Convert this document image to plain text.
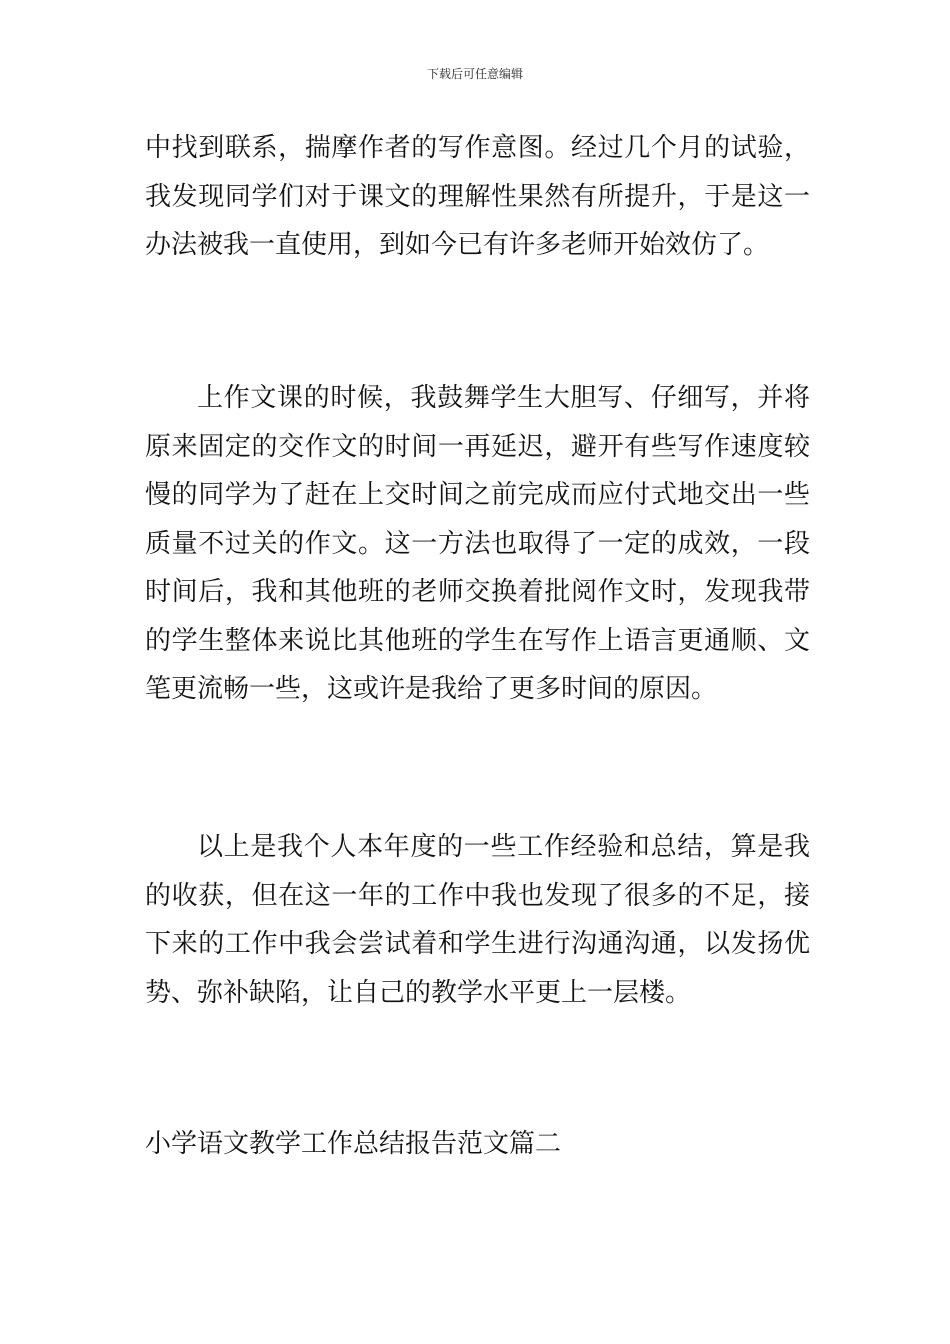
下载后可任意编辑

中找到联系，揣摩作者的写作意图。经过几个月的试验，我发现同学们对于课文的理解性果然有所提升，于是这一办法被我一直使用，到如今已有许多老师开始效仿了。

上作文课的时候，我鼓舞学生大胆写、仔细写，并将原来固定的交作文的时间一再延迟，避开有些写作速度较慢的同学为了赶在上交时间之前完成而应付式地交出一些质量不过关的作文。这一方法也取得了一定的成效，一段时间后，我和其他班的老师交换着批阅作文时，发现我带的学生整体来说比其他班的学生在写作上语言更通顺、文笔更流畅一些，这或许是我给了更多时间的原因。

以上是我个人本年度的一些工作经验和总结，算是我的收获，但在这一年的工作中我也发现了很多的不足，接下来的工作中我会尝试着和学生进行沟通沟通，以发扬优势、弥补缺陷，让自己的教学水平更上一层楼。

小学语文教学工作总结报告范文篇二
